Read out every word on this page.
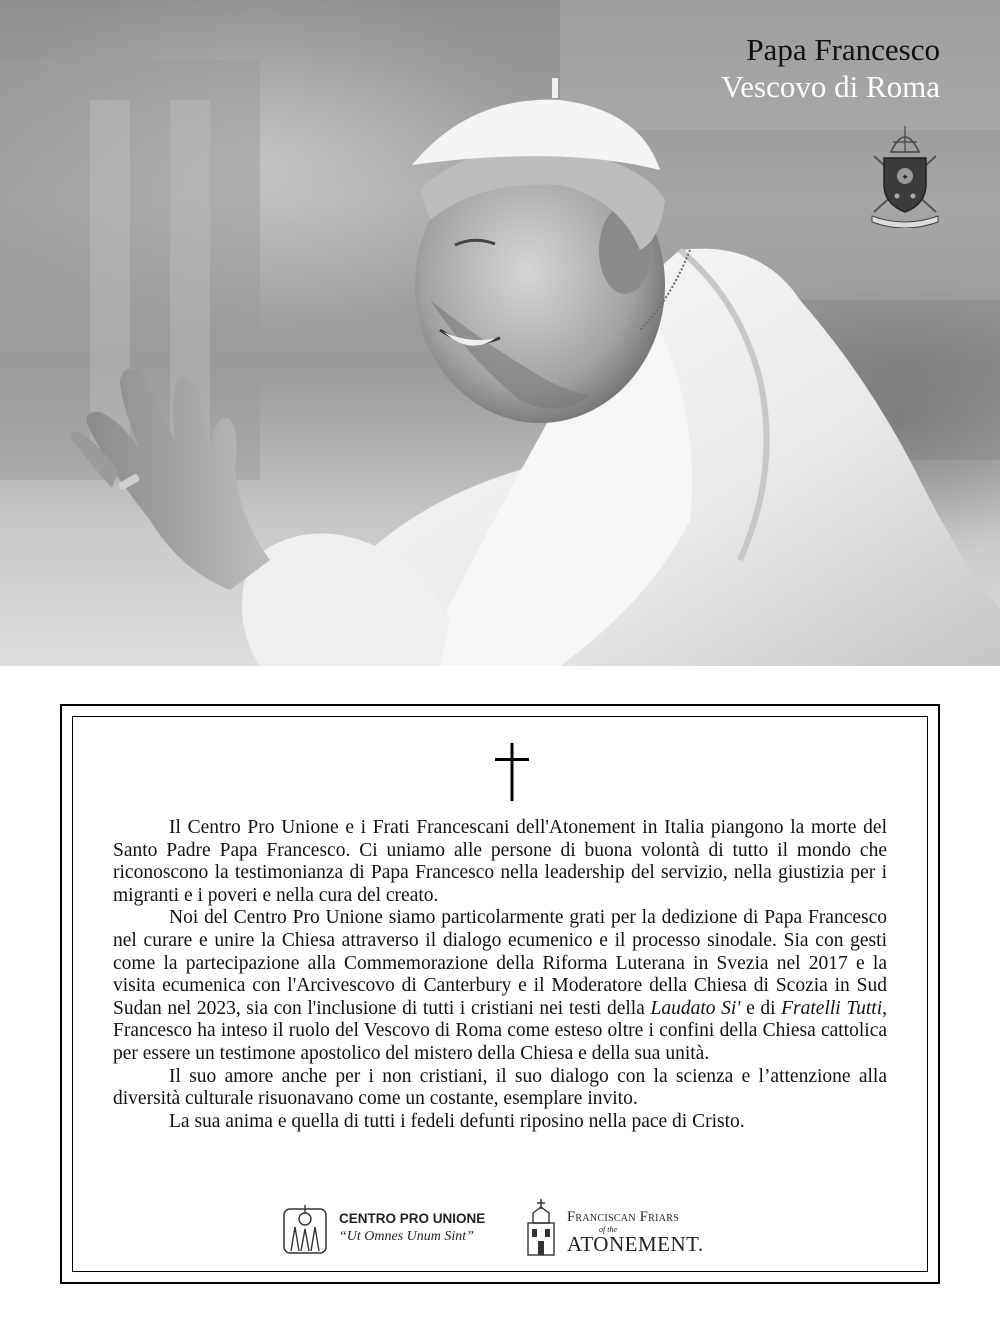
Papa Francesco
Vescovo di Roma
✦

Il Centro Pro Unione e i Frati Francescani dell'Atonement in Italia piangono la morte del Santo Padre Papa Francesco. Ci uniamo alle persone di buona volontà di tutto il mondo che riconoscono la testimonianza di Papa Francesco nella leadership del servizio, nella giustizia per i migranti e i poveri e nella cura del creato.

Noi del Centro Pro Unione siamo particolarmente grati per la dedizione di Papa Francesco nel curare e unire la Chiesa attraverso il dialogo ecumenico e il processo sinodale. Sia con gesti come la partecipazione alla Commemorazione della Riforma Luterana in Svezia nel 2017 e la visita ecumenica con l'Arcivescovo di Canterbury e il Moderatore della Chiesa di Scozia in Sud Sudan nel 2023, sia con l'inclusione di tutti i cristiani nei testi della Laudato Si' e di Fratelli Tutti, Francesco ha inteso il ruolo del Vescovo di Roma come esteso oltre i confini della Chiesa cattolica per essere un testimone apostolico del mistero della Chiesa e della sua unità.

Il suo amore anche per i non cristiani, il suo dialogo con la scienza e l’attenzione alla diversità culturale risuonavano come un costante, esemplare invito.

La sua anima e quella di tutti i fedeli defunti riposino nella pace di Cristo.

CENTRO PRO UNIONE
“Ut Omnes Unum Sint”
Franciscan Friars
of the
ATONEMENT.
